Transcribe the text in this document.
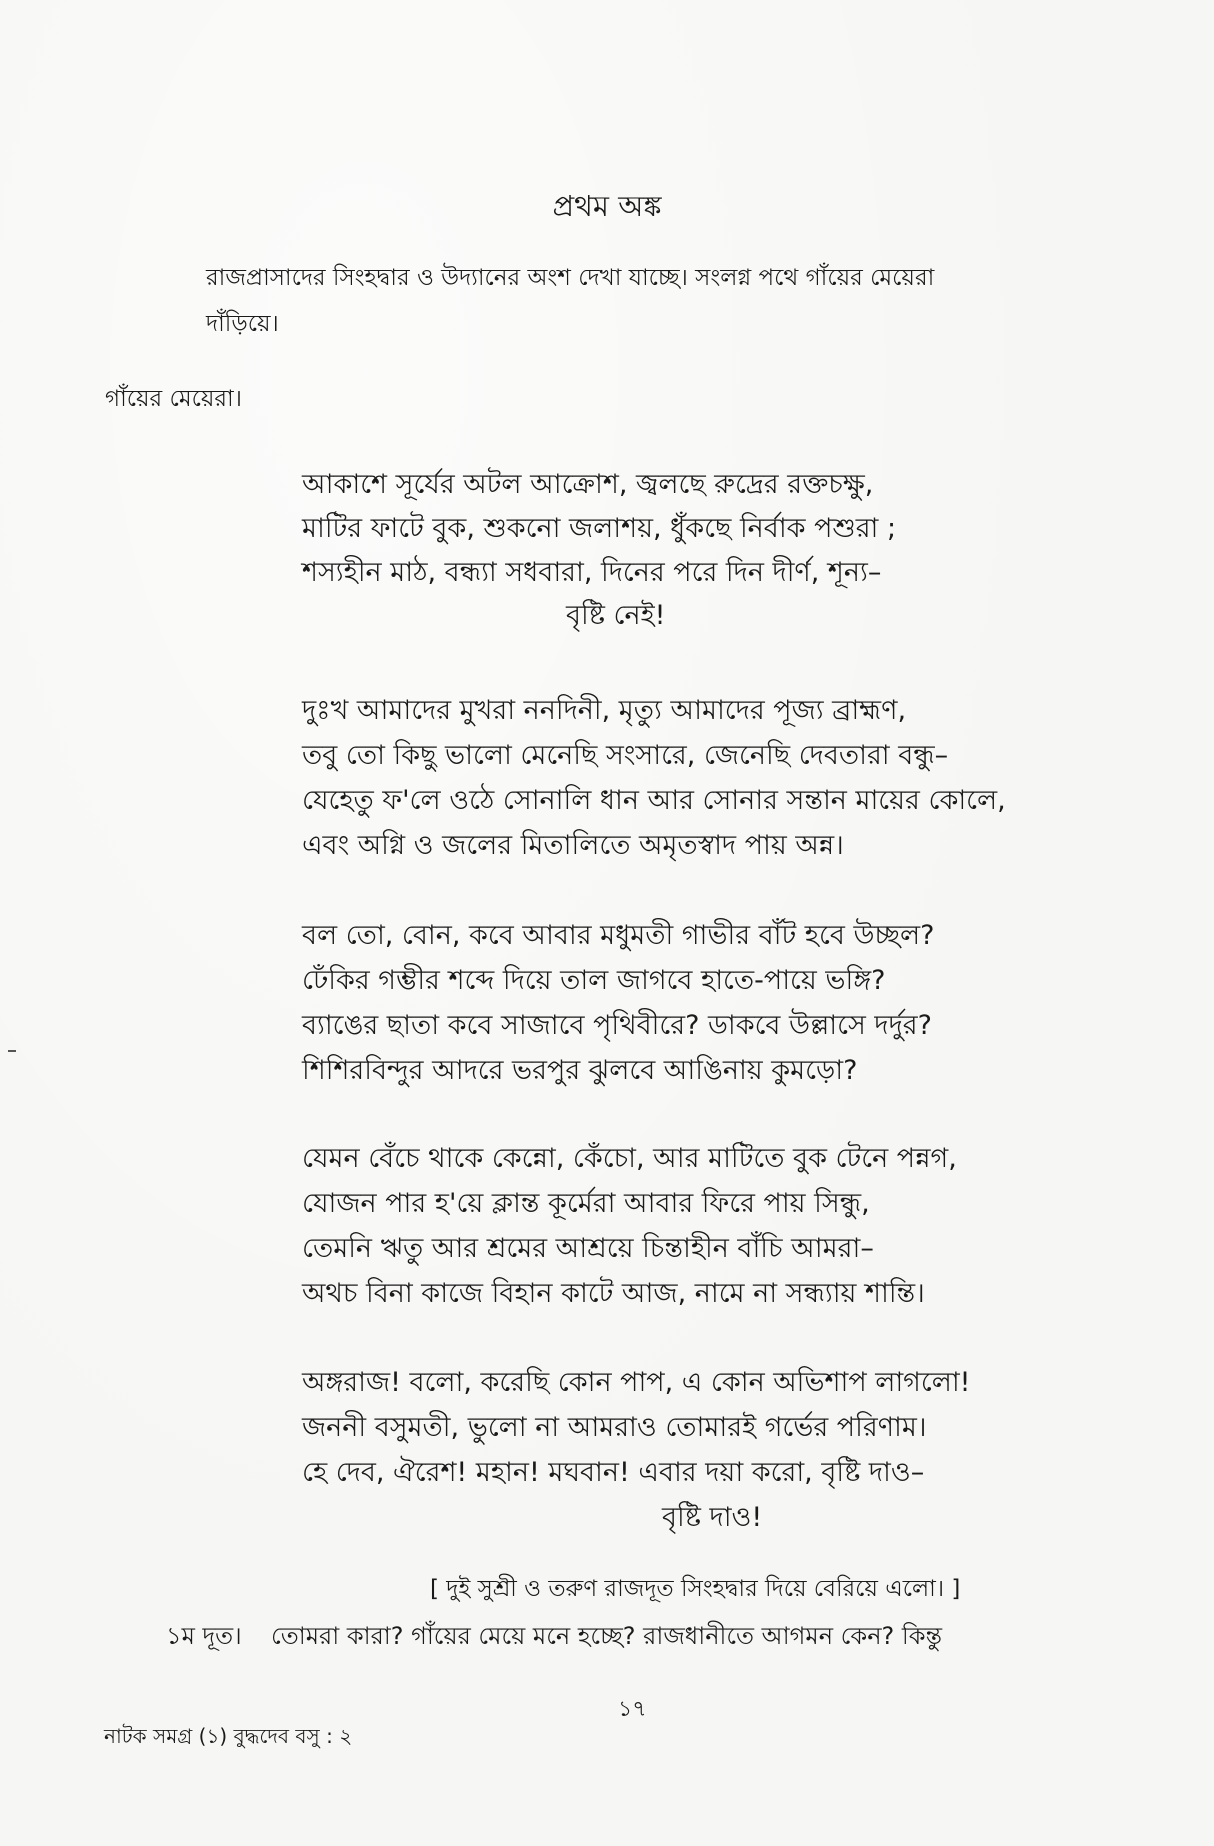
প্রথম অঙ্ক
রাজপ্রাসাদের সিংহদ্বার ও উদ্যানের অংশ দেখা যাচ্ছে। সংলগ্ন পথে গাঁয়ের মেয়েরা
দাঁড়িয়ে।
গাঁয়ের মেয়েরা।
আকাশে সূর্যের অটল আক্রোশ, জ্বলছে রুদ্রের রক্তচক্ষু,
মাটির ফাটে বুক, শুকনো জলাশয়, ধুঁকছে নির্বাক পশুরা ;
শস্যহীন মাঠ, বন্ধ্যা সধবারা, দিনের পরে দিন দীর্ণ, শূন্য–
বৃষ্টি নেই!
দুঃখ আমাদের মুখরা ননদিনী, মৃত্যু আমাদের পূজ্য ব্রাহ্মণ,
তবু তো কিছু ভালো মেনেছি সংসারে, জেনেছি দেবতারা বন্ধু–
যেহেতু ফ'লে ওঠে সোনালি ধান আর সোনার সন্তান মায়ের কোলে,
এবং অগ্নি ও জলের মিতালিতে অমৃতস্বাদ পায় অন্ন।
বল তো, বোন, কবে আবার মধুমতী গাভীর বাঁট হবে উচ্ছল?
ঢেঁকির গম্ভীর শব্দে দিয়ে তাল জাগবে হাতে-পায়ে ভঙ্গি?
ব্যাঙের ছাতা কবে সাজাবে পৃথিবীরে? ডাকবে উল্লাসে দর্দুর?
শিশিরবিন্দুর আদরে ভরপুর ঝুলবে আঙিনায় কুমড়ো?
যেমন বেঁচে থাকে কেন্নো, কেঁচো, আর মাটিতে বুক টেনে পন্নগ,
যোজন পার হ'য়ে ক্লান্ত কূর্মেরা আবার ফিরে পায় সিন্ধু,
তেমনি ঋতু আর শ্রমের আশ্রয়ে চিন্তাহীন বাঁচি আমরা–
অথচ বিনা কাজে বিহান কাটে আজ, নামে না সন্ধ্যায় শান্তি।
অঙ্গরাজ! বলো, করেছি কোন পাপ, এ কোন অভিশাপ লাগলো!
জননী বসুমতী, ভুলো না আমরাও তোমারই গর্ভের পরিণাম।
হে দেব, ঐরেশ! মহান! মঘবান! এবার দয়া করো, বৃষ্টি দাও–
বৃষ্টি দাও!
[ দুই সুশ্রী ও তরুণ রাজদূত সিংহদ্বার দিয়ে বেরিয়ে এলো। ]
১ম দূত। তোমরা কারা? গাঁয়ের মেয়ে মনে হচ্ছে? রাজধানীতে আগমন কেন? কিন্তু
১৭
নাটক সমগ্র (১) বুদ্ধদেব বসু : ২
